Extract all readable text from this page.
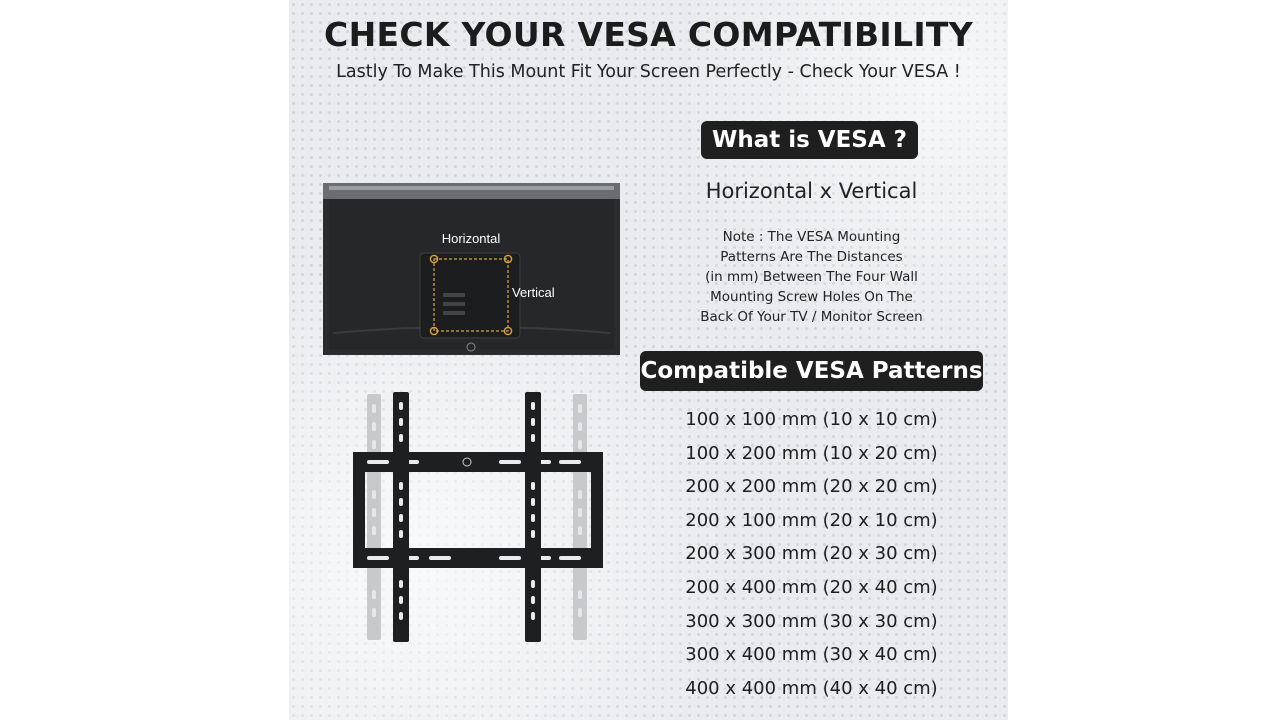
CHECK YOUR VESA COMPATIBILITY
Lastly To Make This Mount Fit Your Screen Perfectly - Check Your VESA !
Horizontal
Vertical
What is VESA ?
Horizontal x Vertical
Note : The VESA Mounting
Patterns Are The Distances
(in mm) Between The Four Wall
Mounting Screw Holes On The
Back Of Your TV / Monitor Screen
Compatible VESA Patterns
100 x 100 mm (10 x 10 cm)
100 x 200 mm (10 x 20 cm)
200 x 200 mm (20 x 20 cm)
200 x 100 mm (20 x 10 cm)
200 x 300 mm (20 x 30 cm)
200 x 400 mm (20 x 40 cm)
300 x 300 mm (30 x 30 cm)
300 x 400 mm (30 x 40 cm)
400 x 400 mm (40 x 40 cm)
